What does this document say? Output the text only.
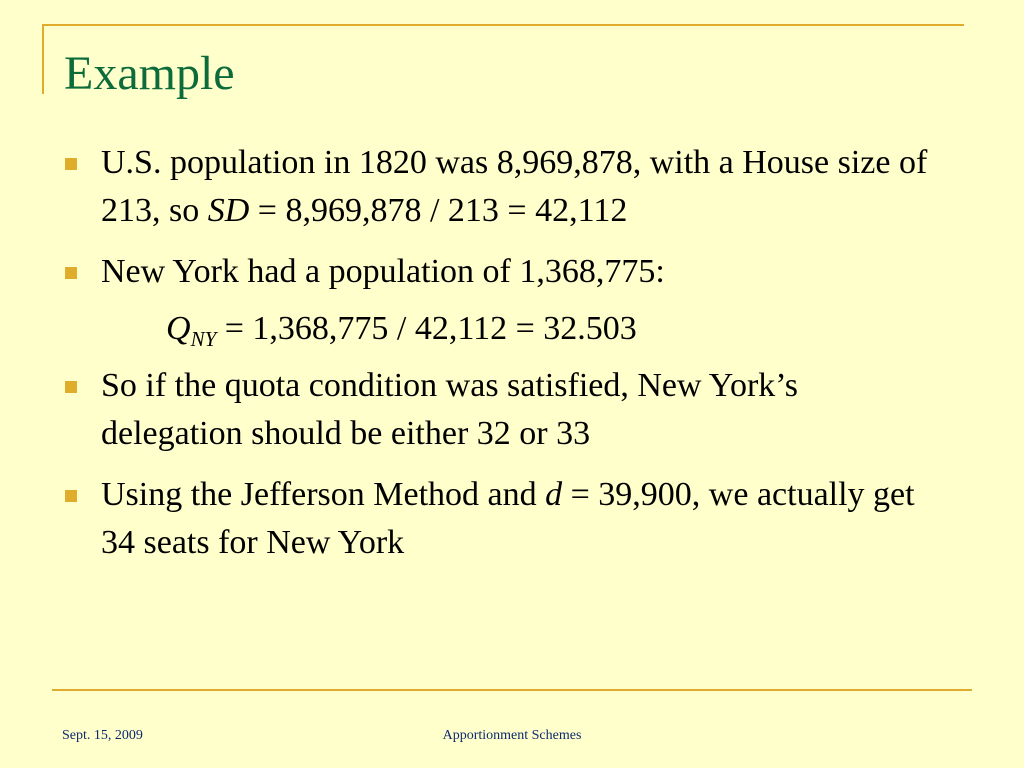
Example
U.S. population in 1820 was 8,969,878, with a House size of 213, so SD = 8,969,878 / 213 = 42,112
New York had a population of 1,368,775:
$Q_{NY} = 1,368,775 / 42,112 = 32.503$
So if the quota condition was satisfied, New York’s delegation should be either 32 or 33
Using the Jefferson Method and d = 39,900, we actually get 34 seats for New York
Sept. 15, 2009	Apportionment Schemes
